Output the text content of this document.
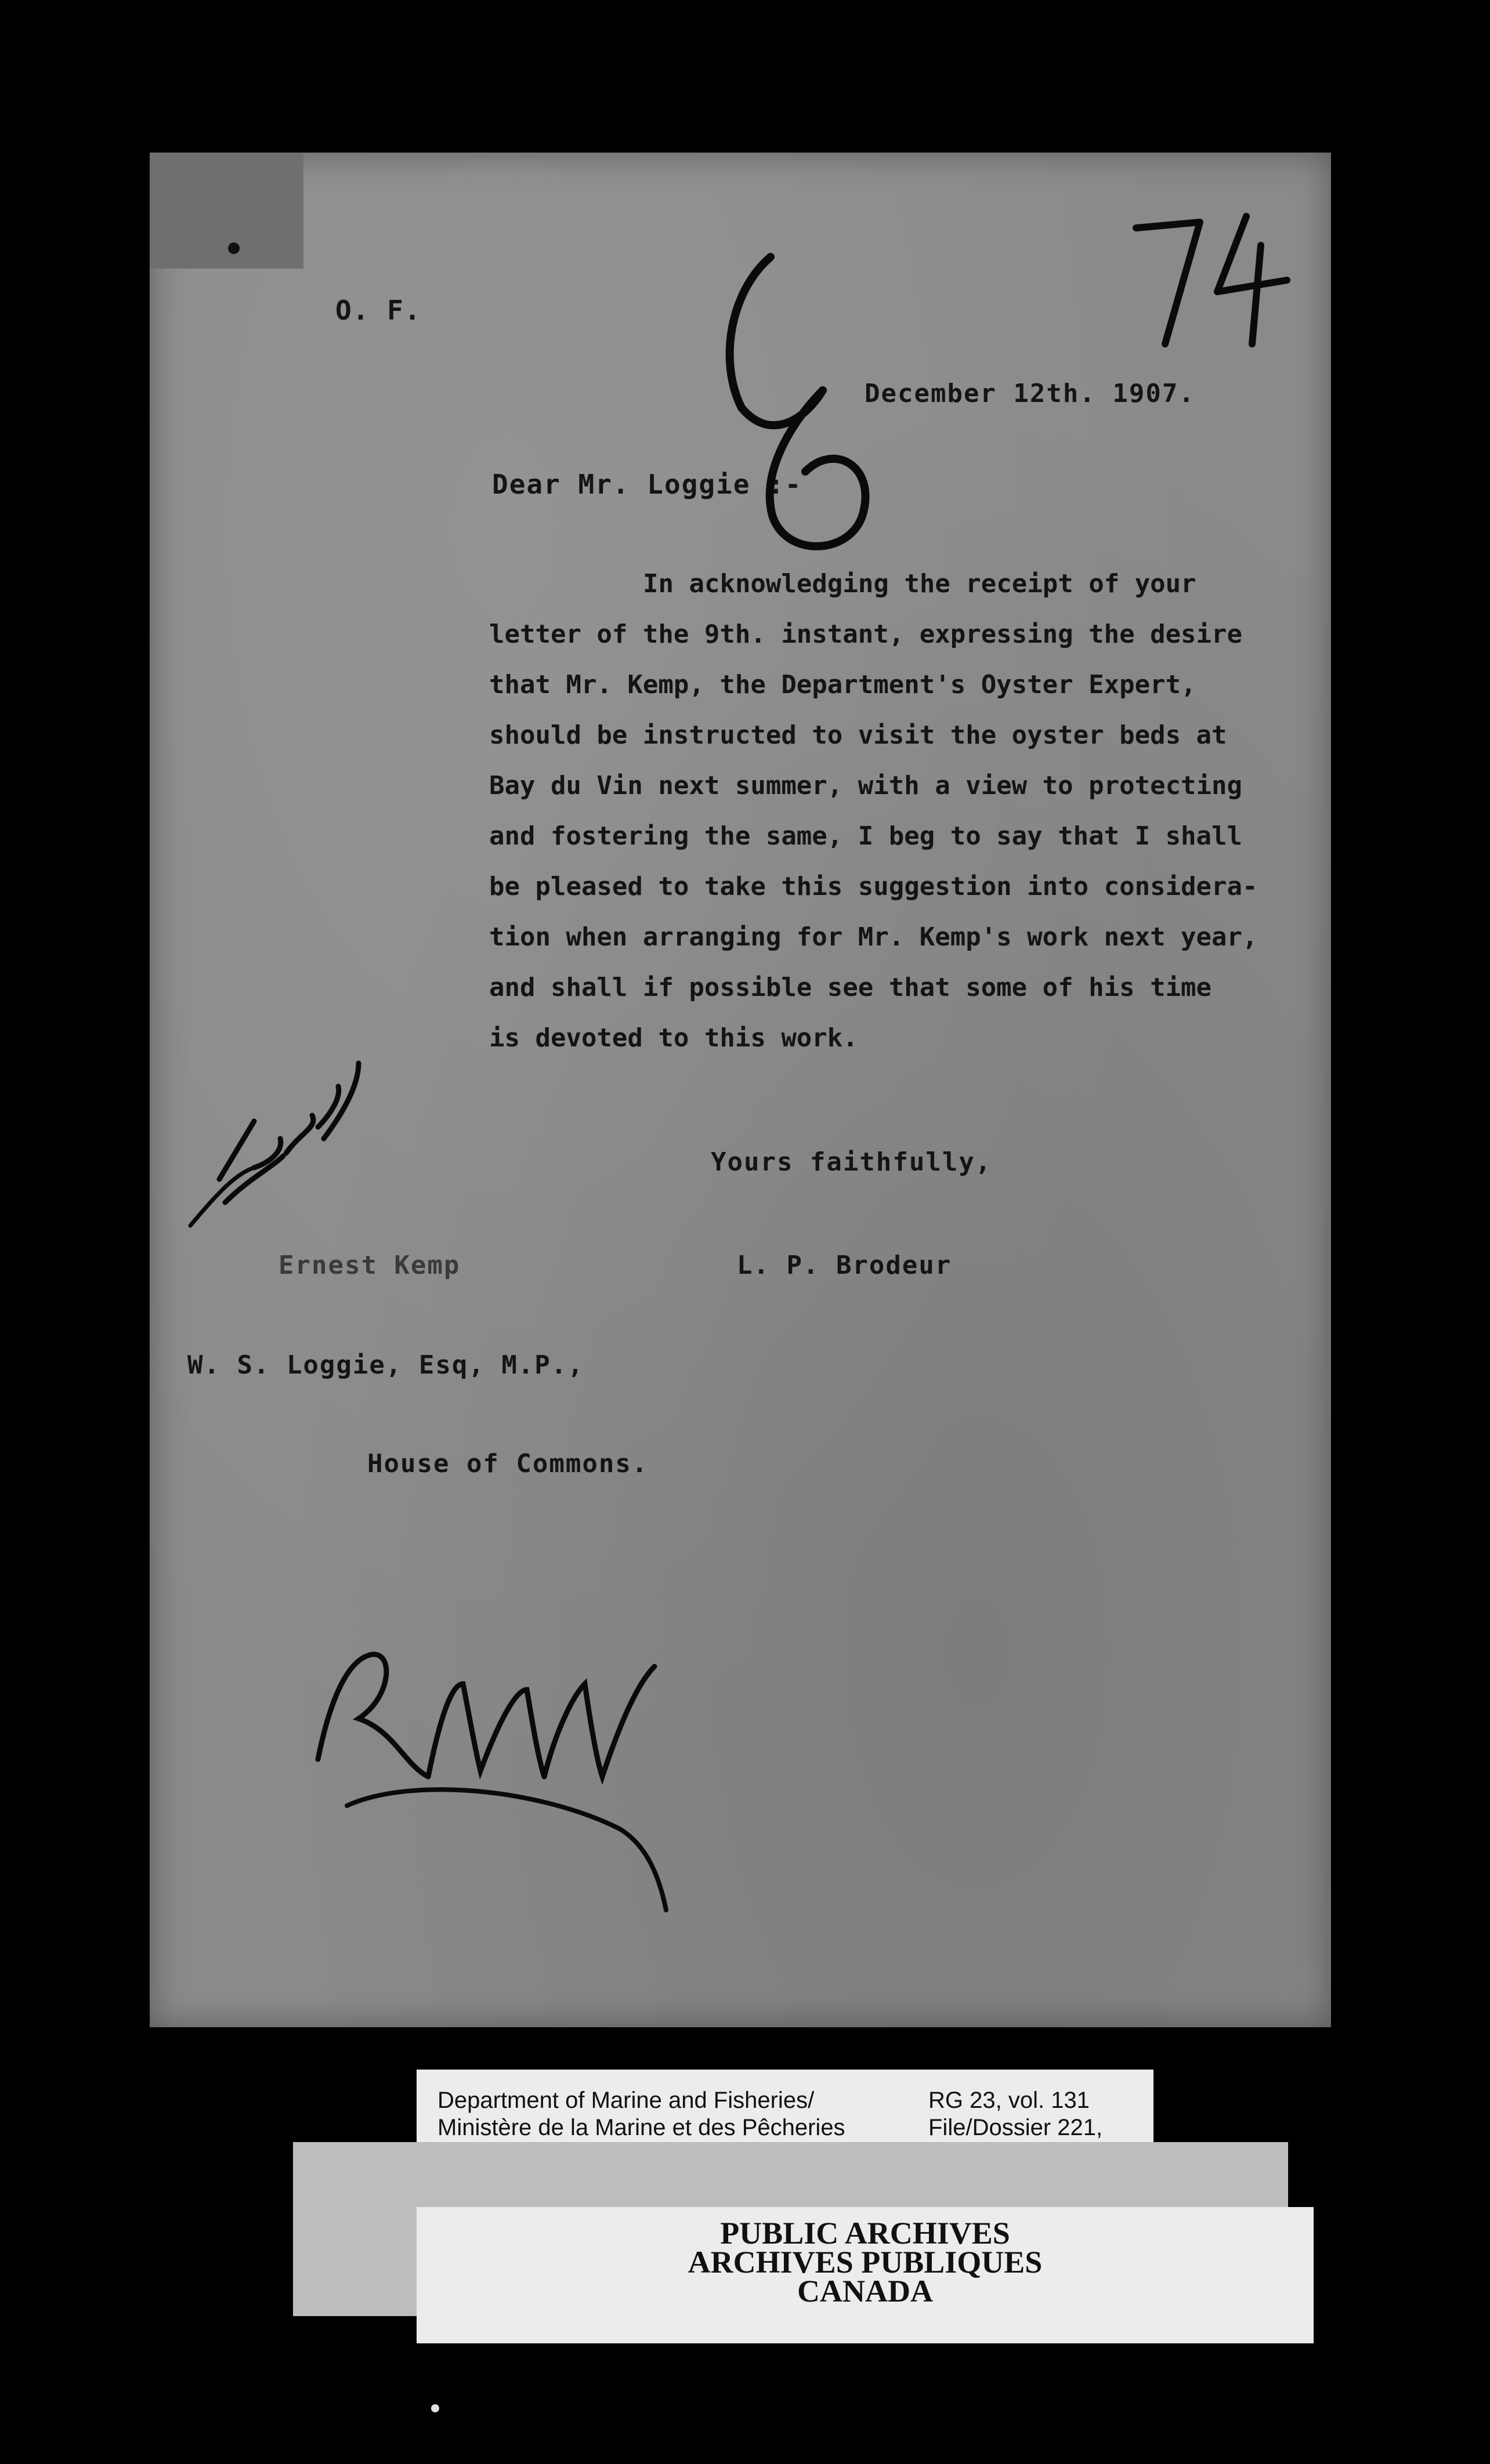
O. F.
December 12th. 1907.
Dear Mr. Loggie :-
In acknowledging the receipt of your
letter of the 9th. instant, expressing the desire
that Mr. Kemp, the Department's Oyster Expert,
should be instructed to visit the oyster beds at
Bay du Vin next summer, with a view to protecting
and fostering the same, I beg to say that I shall
be pleased to take this suggestion into considera-
tion when arranging for Mr. Kemp's work next year,
and shall if possible see that some of his time
is devoted to this work.
Yours faithfully,
Ernest Kemp	L. P. Brodeur
W. S. Loggie, Esq, M.P.,
House of Commons.
Department of Marine and Fisheries/
Ministère de la Marine et des Pêcheries
RG 23, vol. 131
File/Dossier 221,
PUBLIC ARCHIVES
ARCHIVES PUBLIQUES
CANADA
